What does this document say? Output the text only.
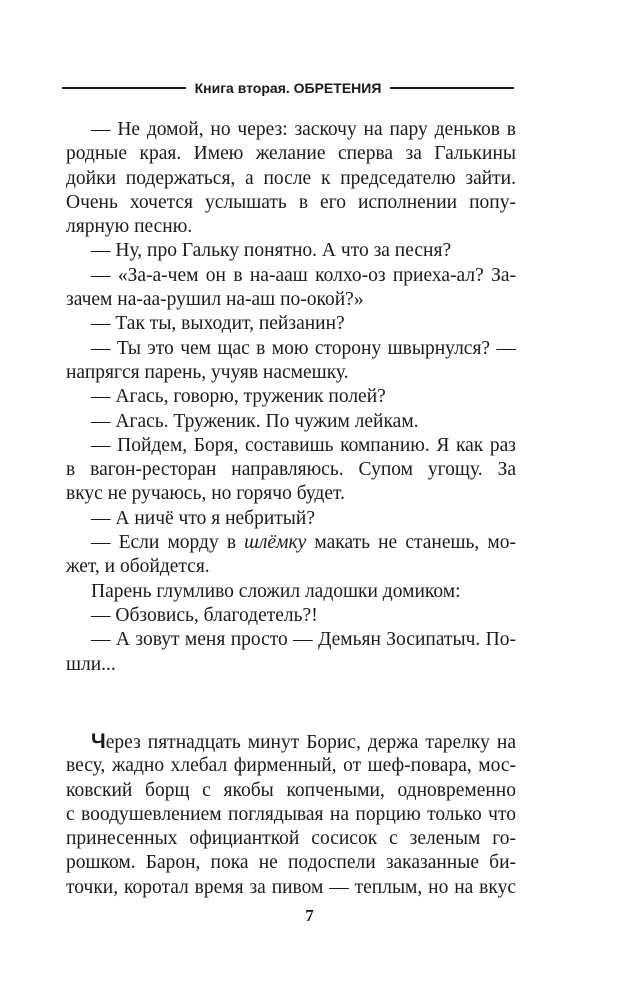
Книга вторая. ОБРЕТЕНИЯ
— Не домой, но через: заскочу на пару деньков в
родные края. Имею желание сперва за Галькины
дойки подержаться, а после к председателю зайти.
Очень хочется услышать в его исполнении попу-
лярную песню.
— Ну, про Гальку понятно. А что за песня?
— «За-а-чем он в на-ааш колхо-оз приеха-ал? За-
зачем на-аа-рушил на-аш по-окой?»
— Так ты, выходит, пейзанин?
— Ты это чем щас в мою сторону швырнулся? —
напрягся парень, учуяв насмешку.
— Агась, говорю, труженик полей?
— Агась. Труженик. По чужим лейкам.
— Пойдем, Боря, составишь компанию. Я как раз
в вагон-ресторан направляюсь. Супом угощу. За
вкус не ручаюсь, но горячо будет.
— А ничё что я небритый?
— Если морду в шлёмку макать не станешь, мо-
жет, и обойдется.
Парень глумливо сложил ладошки домиком:
— Обзовись, благодетель?!
— А зовут меня просто — Демьян Зосипатыч. По-
шли...
Через пятнадцать минут Борис, держа тарелку на
весу, жадно хлебал фирменный, от шеф-повара, мос-
ковский борщ с якобы копчеными, одновременно
с воодушевлением поглядывая на порцию только что
принесенных официанткой сосисок с зеленым го-
рошком. Барон, пока не подоспели заказанные би-
точки, коротал время за пивом — теплым, но на вкус
7
